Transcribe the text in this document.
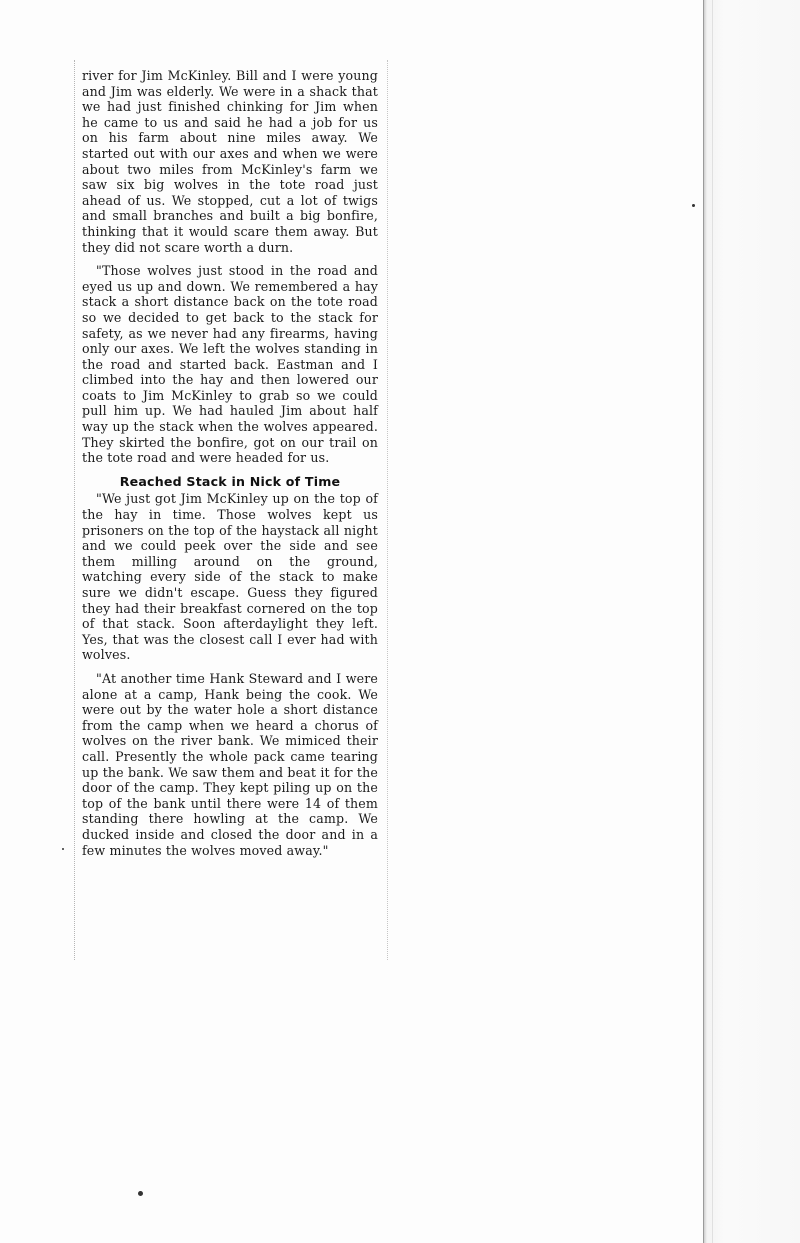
river for Jim McKinley. Bill and I were young and Jim was elderly. We were in a shack that we had just finished chinking for Jim when he came to us and said he had a job for us on his farm about nine miles away. We started out with our axes and when we were about two miles from McKinley's farm we saw six big wolves in the tote road just ahead of us. We stopped, cut a lot of twigs and small branches and built a big bonfire, thinking that it would scare them away. But they did not scare worth a durn.

"Those wolves just stood in the road and eyed us up and down. We remembered a hay stack a short distance back on the tote road so we decided to get back to the stack for safety, as we never had any firearms, having only our axes. We left the wolves standing in the road and started back. Eastman and I climbed into the hay and then lowered our coats to Jim McKinley to grab so we could pull him up. We had hauled Jim about half way up the stack when the wolves appeared. They skirted the bonfire, got on our trail on the tote road and were headed for us.

Reached Stack in Nick of Time

"We just got Jim McKinley up on the top of the hay in time. Those wolves kept us prisoners on the top of the haystack all night and we could peek over the side and see them milling around on the ground, watching every side of the stack to make sure we didn't escape. Guess they figured they had their breakfast cornered on the top of that stack. Soon afterdaylight they left. Yes, that was the closest call I ever had with wolves.

"At another time Hank Steward and I were alone at a camp, Hank being the cook. We were out by the water hole a short distance from the camp when we heard a chorus of wolves on the river bank. We mimiced their call. Presently the whole pack came tearing up the bank. We saw them and beat it for the door of the camp. They kept piling up on the top of the bank until there were 14 of them standing there howling at the camp. We ducked inside and closed the door and in a few minutes the wolves moved away."
